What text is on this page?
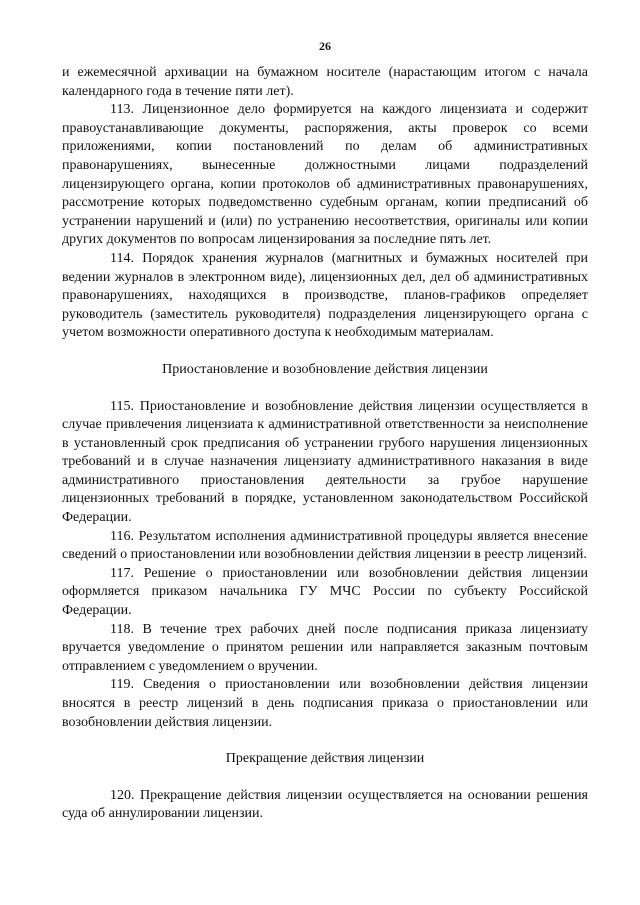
26

и ежемесячной архивации на бумажном носителе (нарастающим итогом с начала календарного года в течение пяти лет).

113. Лицензионное дело формируется на каждого лицензиата и содержит правоустанавливающие документы, распоряжения, акты проверок со всеми приложениями, копии постановлений по делам об административных правонарушениях, вынесенные должностными лицами подразделений лицензирующего органа, копии протоколов об административных правонарушениях, рассмотрение которых подведомственно судебным органам, копии предписаний об устранении нарушений и (или) по устранению несоответствия, оригиналы или копии других документов по вопросам лицензирования за последние пять лет.

114. Порядок хранения журналов (магнитных и бумажных носителей при ведении журналов в электронном виде), лицензионных дел, дел об административных правонарушениях, находящихся в производстве, планов-графиков определяет руководитель (заместитель руководителя) подразделения лицензирующего органа с учетом возможности оперативного доступа к необходимым материалам.

Приостановление и возобновление действия лицензии

115. Приостановление и возобновление действия лицензии осуществляется в случае привлечения лицензиата к административной ответственности за неисполнение в установленный срок предписания об устранении грубого нарушения лицензионных требований и в случае назначения лицензиату административного наказания в виде административного приостановления деятельности за грубое нарушение лицензионных требований в порядке, установленном законодательством Российской Федерации.

116. Результатом исполнения административной процедуры является внесение сведений о приостановлении или возобновлении действия лицензии в реестр лицензий.

117. Решение о приостановлении или возобновлении действия лицензии оформляется приказом начальника ГУ МЧС России по субъекту Российской Федерации.

118. В течение трех рабочих дней после подписания приказа лицензиату вручается уведомление о принятом решении или направляется заказным почтовым отправлением с уведомлением о вручении.

119. Сведения о приостановлении или возобновлении действия лицензии вносятся в реестр лицензий в день подписания приказа о приостановлении или возобновлении действия лицензии.

Прекращение действия лицензии

120. Прекращение действия лицензии осуществляется на основании решения суда об аннулировании лицензии.
